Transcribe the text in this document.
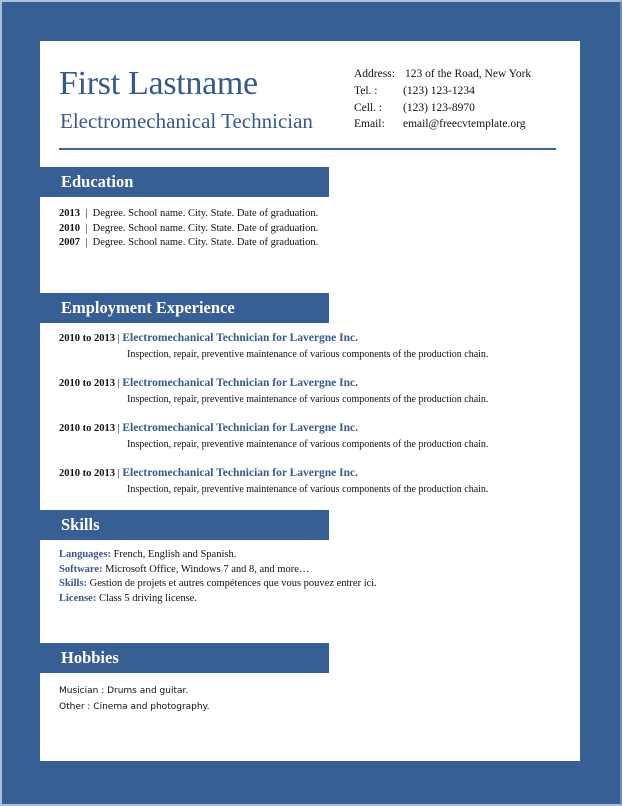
First Lastname
Electromechanical Technician
Address: 123 of the Road, New York
Tel. : (123) 123-1234
Cell. : (123) 123-8970
Email: email@freecvtemplate.org
Education
2013 | Degree. School name. City. State. Date of graduation.
2010 | Degree. School name. City. State. Date of graduation.
2007 | Degree. School name. City. State. Date of graduation.
Employment Experience
2010 to 2013 | Electromechanical Technician for Lavergne Inc.
Inspection, repair, preventive maintenance of various components of the production chain.
2010 to 2013 | Electromechanical Technician for Lavergne Inc.
Inspection, repair, preventive maintenance of various components of the production chain.
2010 to 2013 | Electromechanical Technician for Lavergne Inc.
Inspection, repair, preventive maintenance of various components of the production chain.
2010 to 2013 | Electromechanical Technician for Lavergne Inc.
Inspection, repair, preventive maintenance of various components of the production chain.
Skills
Languages: French, English and Spanish.
Software: Microsoft Office, Windows 7 and 8, and more…
Skills: Gestion de projets et autres compétences que vous pouvez entrer ici.
License: Class 5 driving license.
Hobbies
Musician : Drums and guitar.
Other : Cinema and photography.
